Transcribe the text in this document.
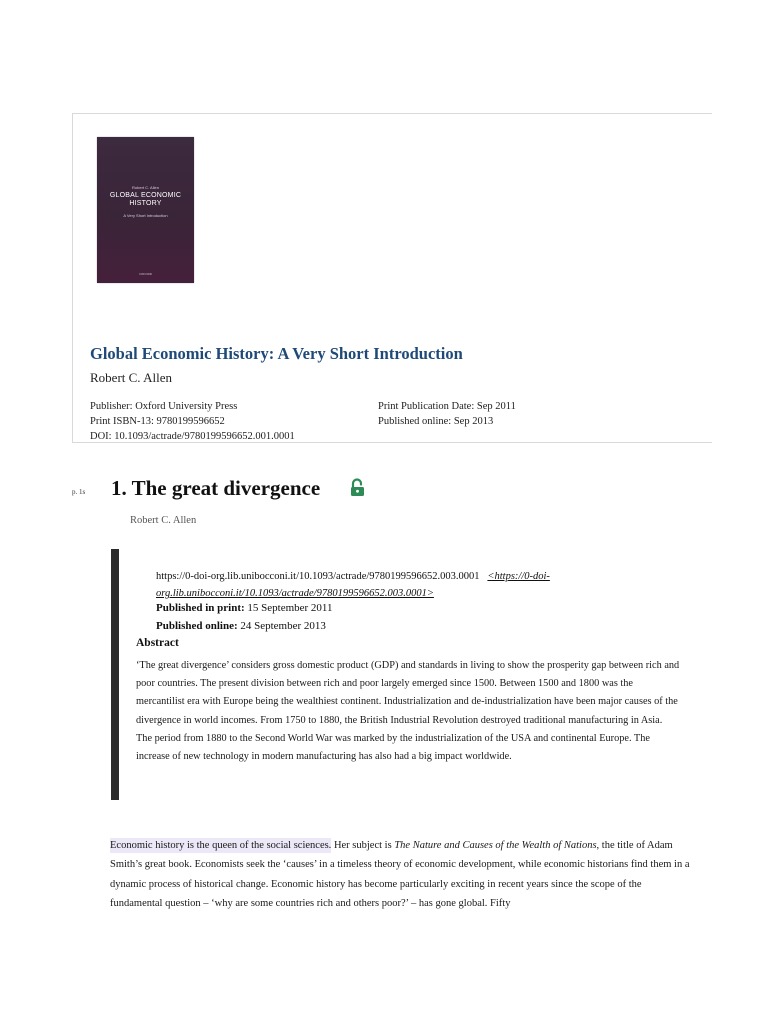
Robert C. Allen
GLOBAL ECONOMIC
HISTORY
A Very Short Introduction
OXFORD
Global Economic History: A Very Short Introduction
Robert C. Allen
Publisher: Oxford University Press
Print ISBN-13: 9780199596652
DOI: 10.1093/actrade/9780199596652.001.0001
Print Publication Date: Sep 2011
Published online: Sep 2013
p. 1s 1. The great divergence
Robert C. Allen
https://0-doi-org.lib.unibocconi.it/10.1093/actrade/9780199596652.003.0001 <https://0-doi-org.lib.unibocconi.it/10.1093/actrade/9780199596652.003.0001>
Published in print: 15 September 2011
Published online: 24 September 2013
Abstract

‘The great divergence’ considers gross domestic product (GDP) and standards in living to show the prosperity gap between rich and poor countries. The present division between rich and poor largely emerged since 1500. Between 1500 and 1800 was the mercantilist era with Europe being the wealthiest continent. Industrialization and de-industrialization have been major causes of the divergence in world incomes. From 1750 to 1880, the British Industrial Revolution destroyed traditional manufacturing in Asia. The period from 1880 to the Second World War was marked by the industrialization of the USA and continental Europe. The increase of new technology in modern manufacturing has also had a big impact worldwide.

Economic history is the queen of the social sciences. Her subject is The Nature and Causes of the Wealth of Nations, the title of Adam Smith’s great book. Economists seek the ‘causes’ in a timeless theory of economic development, while economic historians find them in a dynamic process of historical change. Economic history has become particularly exciting in recent years since the scope of the fundamental question – ‘why are some countries rich and others poor?’ – has gone global. Fifty
